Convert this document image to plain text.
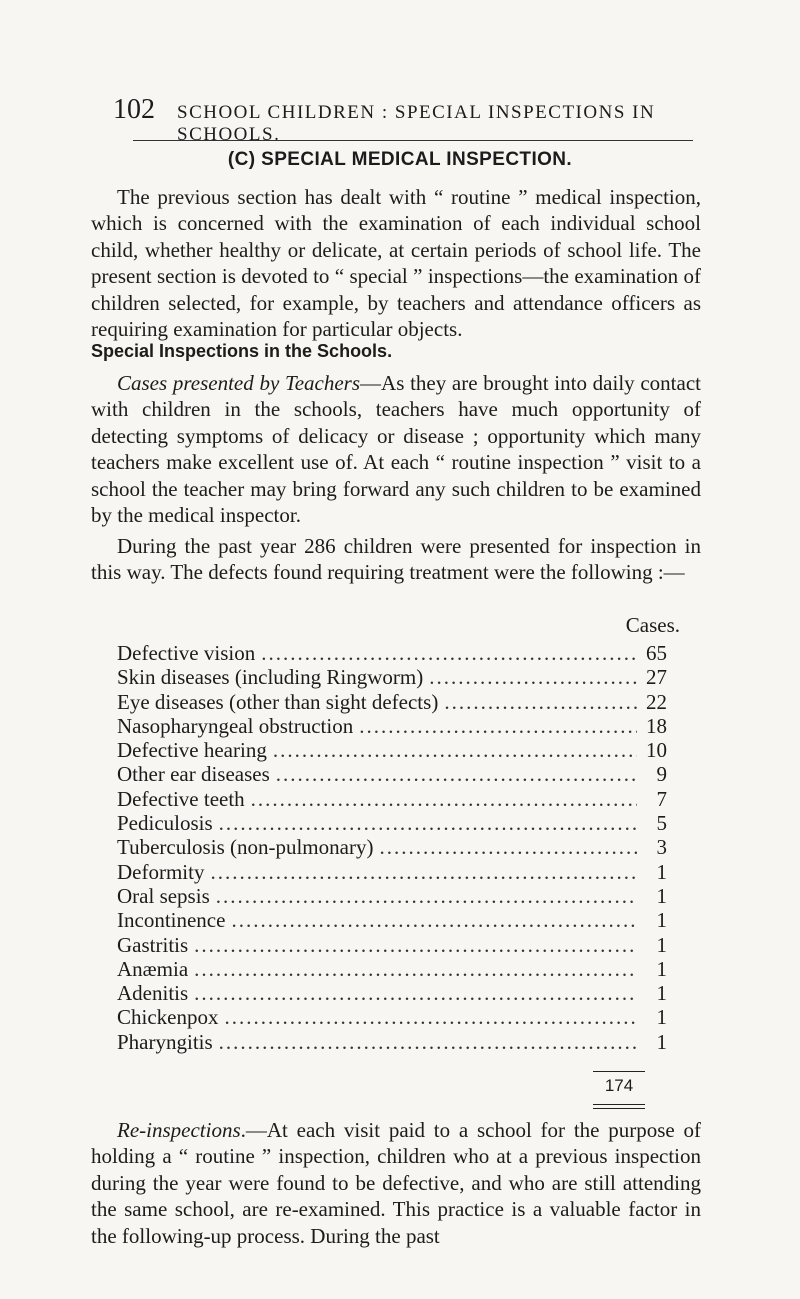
102 SCHOOL CHILDREN : SPECIAL INSPECTIONS IN SCHOOLS.
(C) SPECIAL MEDICAL INSPECTION.

The previous section has dealt with “ routine ” medical inspection, which is concerned with the examination of each individual school child, whether healthy or delicate, at certain periods of school life. The present section is devoted to “ special ” inspections—the examination of children selected, for example, by teachers and attendance officers as requiring examination for particular objects.

Special Inspections in the Schools.

Cases presented by Teachers—As they are brought into daily contact with children in the schools, teachers have much opportunity of detecting symptoms of delicacy or disease ; opportunity which many teachers make excellent use of. At each “ routine inspection ” visit to a school the teacher may bring forward any such children to be examined by the medical inspector.

During the past year 286 children were presented for inspection in this way. The defects found requiring treatment were the following :—

Cases.
Defective vision .....	65
Skin diseases (including Ringworm) .....	27
Eye diseases (other than sight defects) .....	22
Nasopharyngeal obstruction .....	18
Defective hearing .....	10
Other ear diseases .....	9
Defective teeth .....	7
Pediculosis .....	5
Tuberculosis (non-pulmonary) .....	3
Deformity .....	1
Oral sepsis .....	1
Incontinence .....	1
Gastritis .....	1
Anæmia .....	1
Adenitis .....	1
Chickenpox .....	1
Pharyngitis .....	1
174

Re-inspections.—At each visit paid to a school for the purpose of holding a “ routine ” inspection, children who at a previous inspection during the year were found to be defective, and who are still attending the same school, are re-examined. This practice is a valuable factor in the following-up process. During the past
